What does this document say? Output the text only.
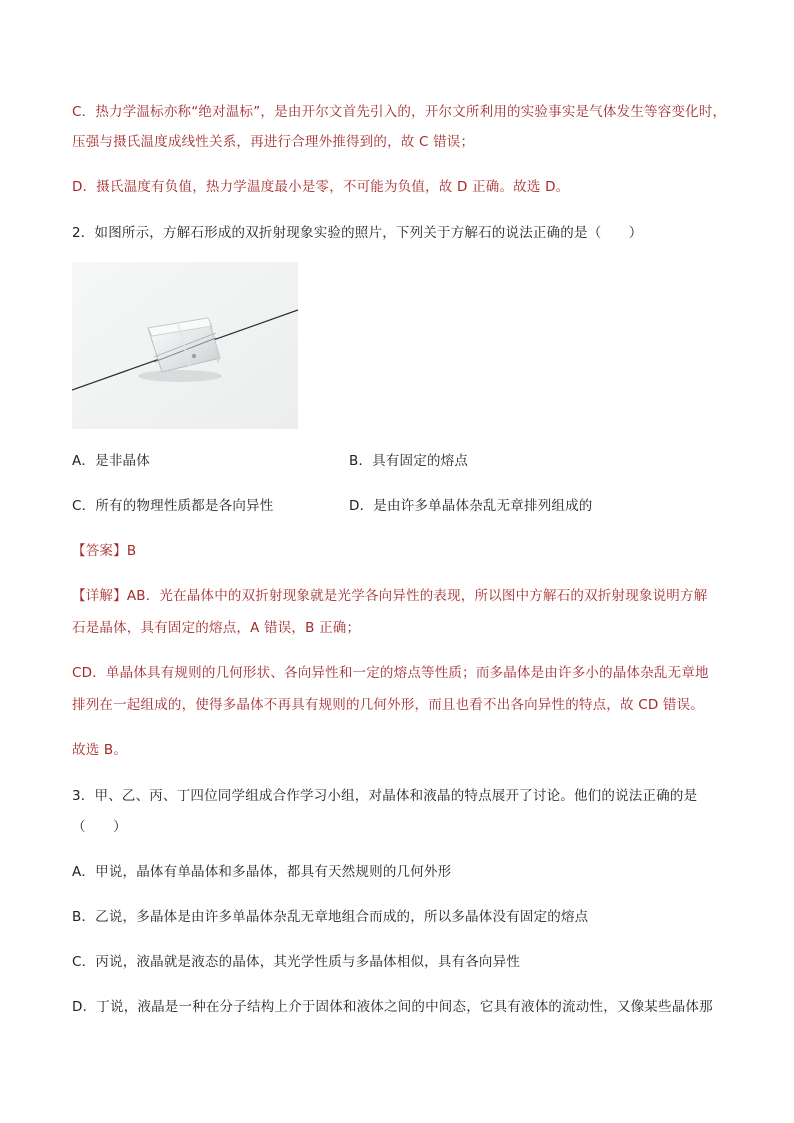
C．热力学温标亦称“绝对温标”，是由开尔文首先引入的，开尔文所利用的实验事实是气体发生等容变化时，
压强与摄氏温度成线性关系，再进行合理外推得到的，故 C 错误；
D．摄氏温度有负值，热力学温度最小是零，不可能为负值，故 D 正确。故选 D。
2．如图所示，方解石形成的双折射现象实验的照片，下列关于方解石的说法正确的是（　　）
A．是非晶体	B．具有固定的熔点
C．所有的物理性质都是各向异性	D．是由许多单晶体杂乱无章排列组成的
【答案】B
【详解】AB．光在晶体中的双折射现象就是光学各向异性的表现，所以图中方解石的双折射现象说明方解
石是晶体，具有固定的熔点，A 错误，B 正确；
CD．单晶体具有规则的几何形状、各向异性和一定的熔点等性质；而多晶体是由许多小的晶体杂乱无章地
排列在一起组成的，使得多晶体不再具有规则的几何外形，而且也看不出各向异性的特点，故 CD 错误。
故选 B。
3．甲、乙、丙、丁四位同学组成合作学习小组，对晶体和液晶的特点展开了讨论。他们的说法正确的是
（　　）
A．甲说，晶体有单晶体和多晶体，都具有天然规则的几何外形
B．乙说，多晶体是由许多单晶体杂乱无章地组合而成的，所以多晶体没有固定的熔点
C．丙说，液晶就是液态的晶体，其光学性质与多晶体相似，具有各向异性
D．丁说，液晶是一种在分子结构上介于固体和液体之间的中间态，它具有液体的流动性，又像某些晶体那
